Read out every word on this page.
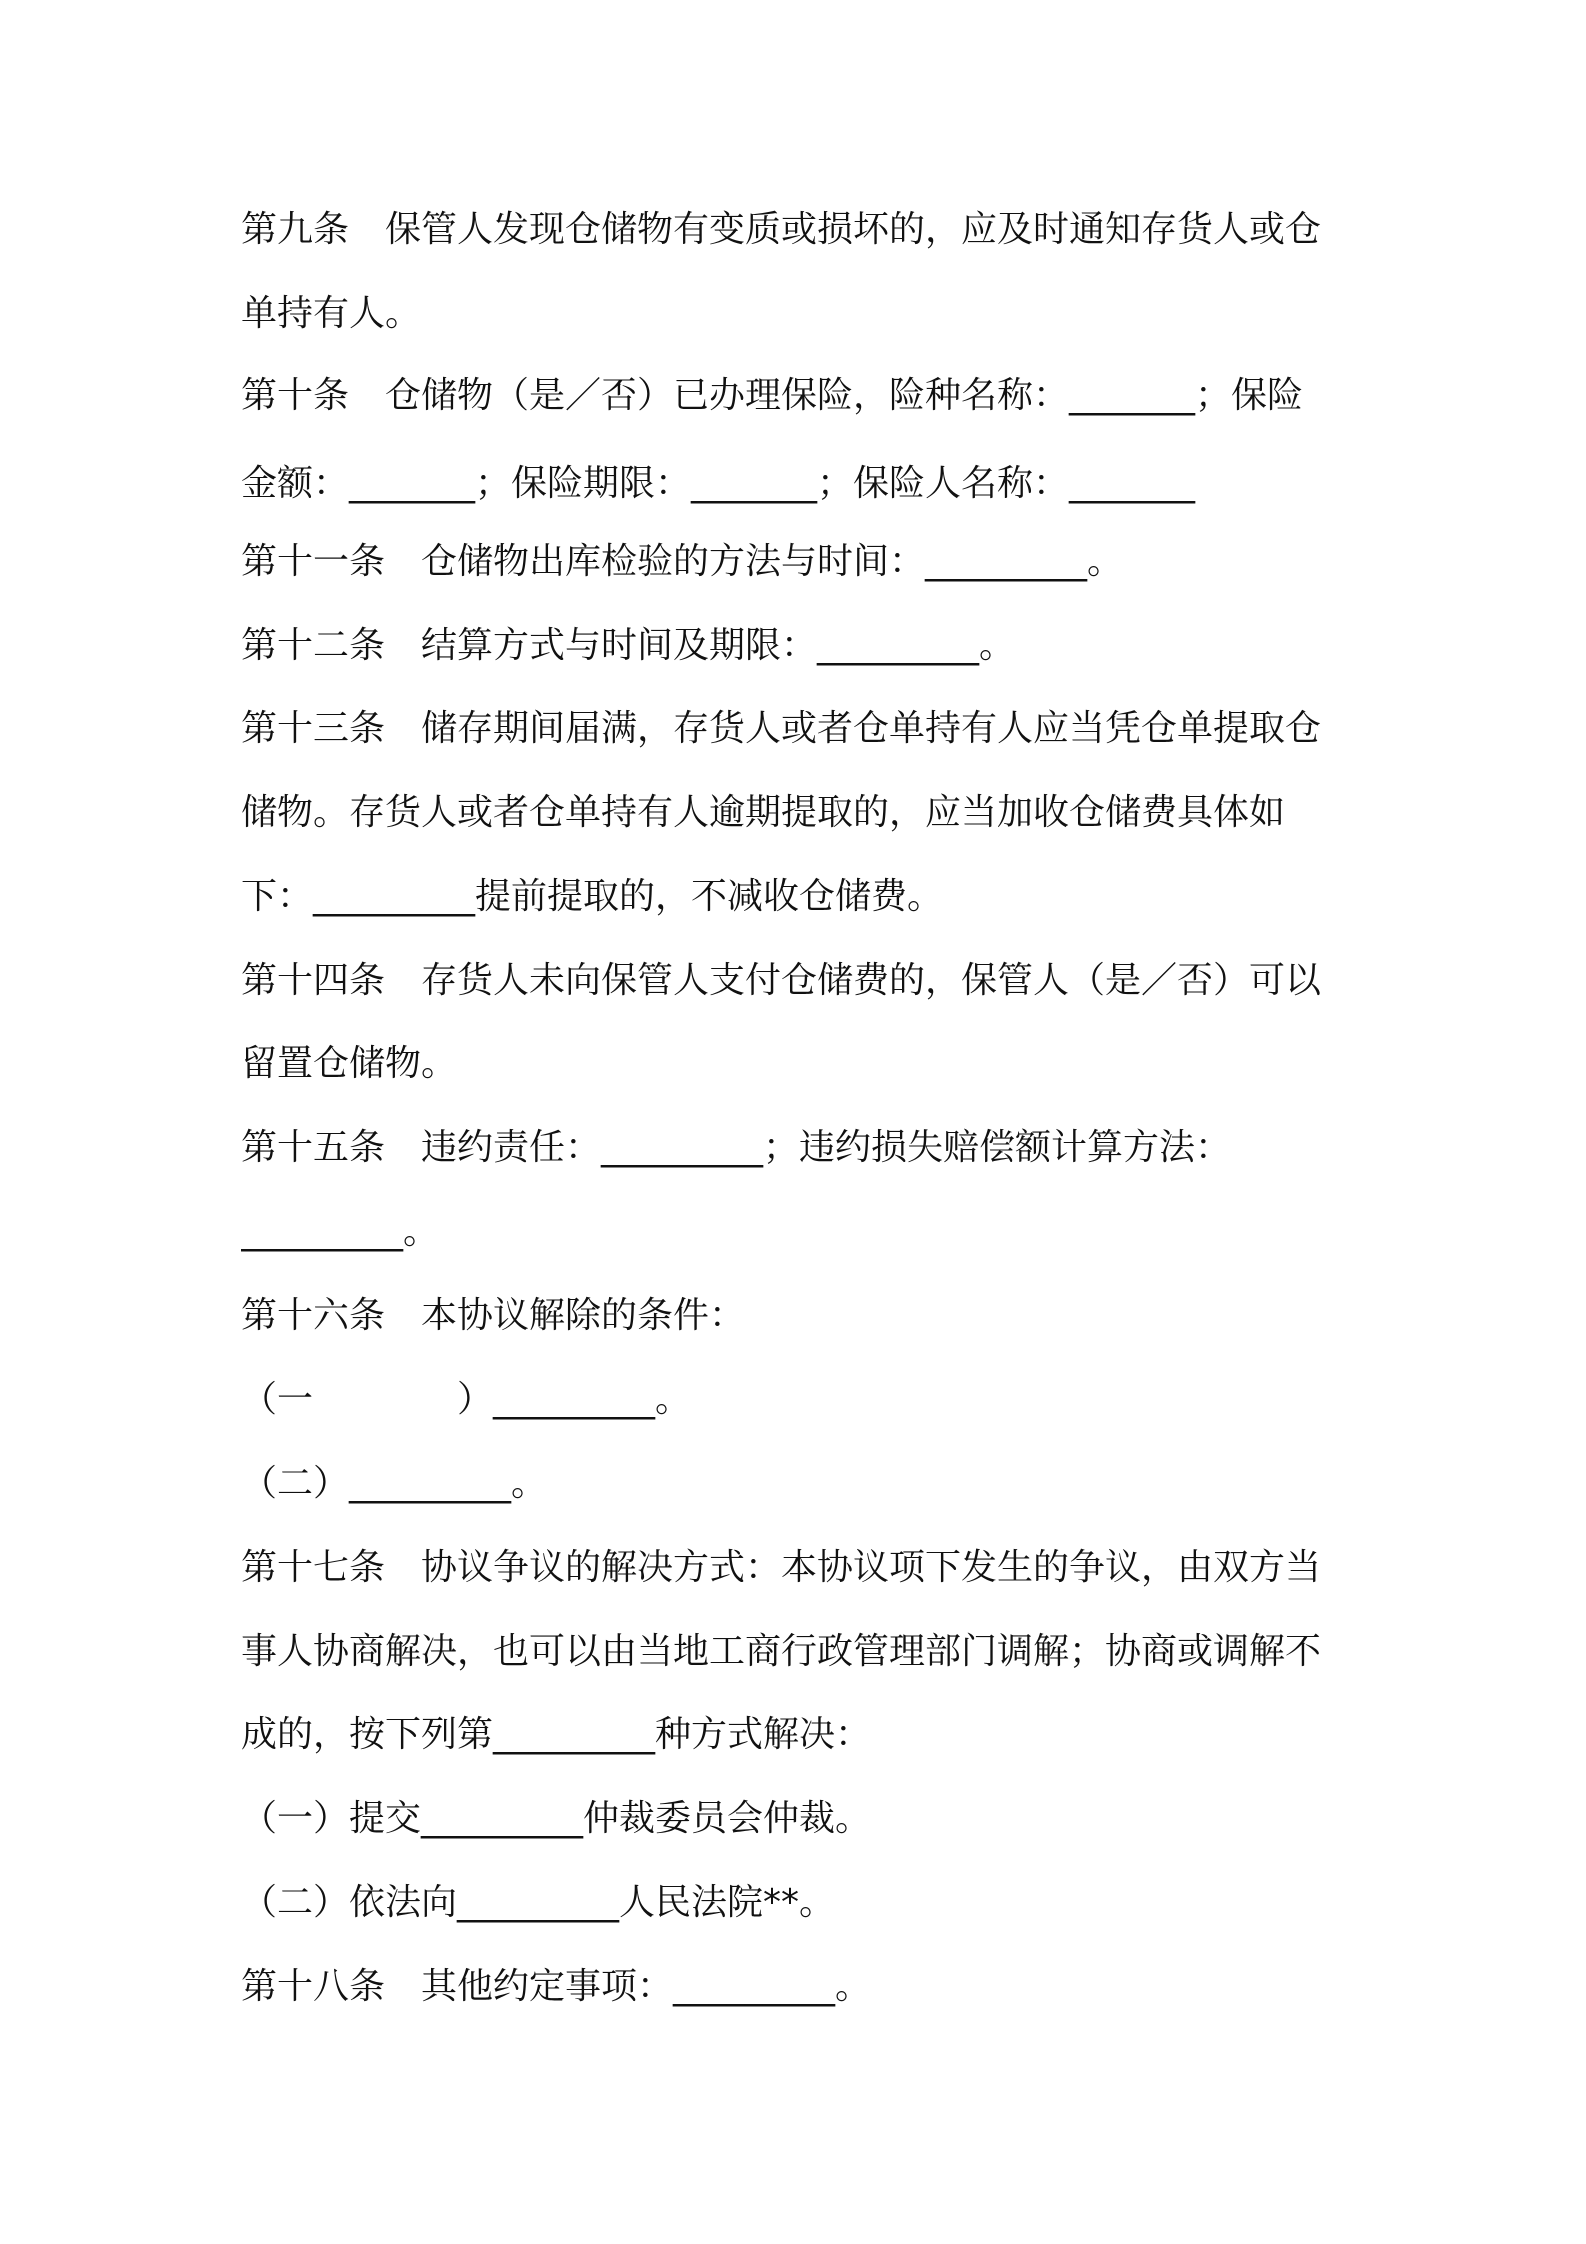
第九条　保管人发现仓储物有变质或损坏的，应及时通知存货人或仓
单持有人。
第十条　仓储物（是／否）已办理保险，险种名称：_______；保险
金额：_______；保险期限：_______；保险人名称：_______
第十一条　仓储物出库检验的方法与时间：_________。
第十二条　结算方式与时间及期限：_________。
第十三条　储存期间届满，存货人或者仓单持有人应当凭仓单提取仓
储物。存货人或者仓单持有人逾期提取的，应当加收仓储费具体如
下：_________提前提取的，不减收仓储费。
第十四条　存货人未向保管人支付仓储费的，保管人（是／否）可以
留置仓储物。
第十五条　违约责任：_________；违约损失赔偿额计算方法：
_________。
第十六条　本协议解除的条件：
（一　　　　）_________。
（二）_________。
第十七条　协议争议的解决方式：本协议项下发生的争议，由双方当
事人协商解决，也可以由当地工商行政管理部门调解；协商或调解不
成的，按下列第_________种方式解决：
（一）提交_________仲裁委员会仲裁。
（二）依法向_________人民法院**。
第十八条　其他约定事项：_________。
